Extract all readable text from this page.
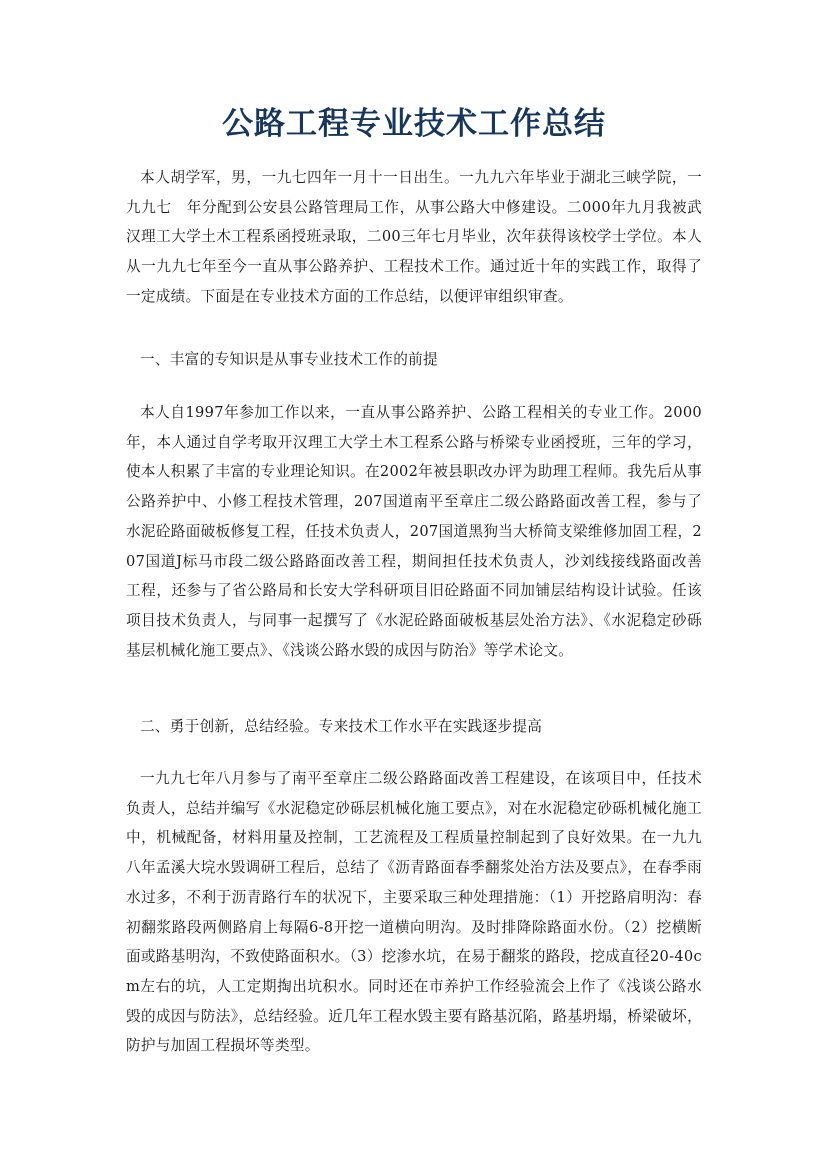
公路工程专业技术工作总结

本人胡学军，男，一九七四年一月十一日出生。一九九六年毕业于湖北三峡学院，一九九七　年分配到公安县公路管理局工作，从事公路大中修建设。二000年九月我被武汉理工大学土木工程系函授班录取，二00三年七月毕业，次年获得该校学士学位。本人从一九九七年至今一直从事公路养护、工程技术工作。通过近十年的实践工作，取得了一定成绩。下面是在专业技术方面的工作总结，以便评审组织审查。

一、丰富的专知识是从事专业技术工作的前提

本人自1997年参加工作以来，一直从事公路养护、公路工程相关的专业工作。2000年，本人通过自学考取开汉理工大学土木工程系公路与桥梁专业函授班，三年的学习，使本人积累了丰富的专业理论知识。在2002年被县职改办评为助理工程师。我先后从事公路养护中、小修工程技术管理，207国道南平至章庄二级公路路面改善工程，参与了水泥砼路面破板修复工程，任技术负责人，207国道黑狗当大桥简支梁维修加固工程，207国道J标马市段二级公路路面改善工程，期间担任技术负责人，沙刘线接线路面改善工程，还参与了省公路局和长安大学科研项目旧砼路面不同加铺层结构设计试验。任该项目技术负责人，与同事一起撰写了《水泥砼路面破板基层处治方法》、《水泥稳定砂砾基层机械化施工要点》、《浅谈公路水毁的成因与防治》等学术论文。

二、勇于创新，总结经验。专来技术工作水平在实践逐步提高

一九九七年八月参与了南平至章庄二级公路路面改善工程建设，在该项目中，任技术负责人，总结并编写《水泥稳定砂砾层机械化施工要点》，对在水泥稳定砂砾机械化施工中，机械配备，材料用量及控制，工艺流程及工程质量控制起到了良好效果。在一九九八年孟溪大垸水毁调研工程后，总结了《沥青路面春季翻浆处治方法及要点》，在春季雨水过多，不利于沥青路行车的状况下，主要采取三种处理措施：（1）开挖路肩明沟：春初翻浆路段两侧路肩上每隔6-8开挖一道横向明沟。及时排降除路面水份。（2）挖横断面或路基明沟，不致使路面积水。（3）挖渗水坑，在易于翻浆的路段，挖成直径20-40cm左右的坑，人工定期掏出坑积水。同时还在市养护工作经验流会上作了《浅谈公路水毁的成因与防法》，总结经验。近几年工程水毁主要有路基沉陷，路基坍塌，桥梁破坏，防护与加固工程损坏等类型。
